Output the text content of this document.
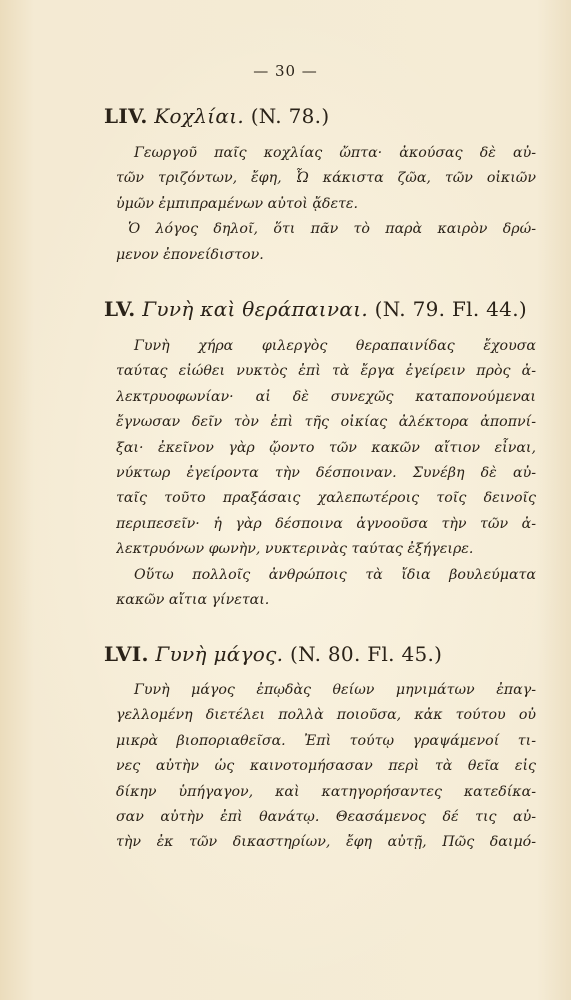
— 30 —
LIV. Κοχλίαι. (N. 78.)
Γεωργοῦ παῖς κοχλίας ὤπτα· ἀκούσας δὲ αὐ-
τῶν τριζόντων, ἔφη, Ὦ κάκιστα ζῶα, τῶν οἰκιῶν
ὑμῶν ἐμπιπραμένων αὐτοὶ ᾄδετε.
Ὁ λόγος δηλοῖ, ὅτι πᾶν τὸ παρὰ καιρὸν δρώ-
μενον ἐπονείδιστον.
LV. Γυνὴ καὶ θεράπαιναι. (N. 79. Fl. 44.)
Γυνὴ χήρα φιλεργὸς θεραπαινίδας ἔχουσα
ταύτας εἰώθει νυκτὸς ἐπὶ τὰ ἔργα ἐγείρειν πρὸς ἀ-
λεκτρυοφωνίαν· αἱ δὲ συνεχῶς καταπονούμεναι
ἔγνωσαν δεῖν τὸν ἐπὶ τῆς οἰκίας ἀλέκτορα ἀποπνί-
ξαι· ἐκεῖνον γὰρ ᾤοντο τῶν κακῶν αἴτιον εἶναι,
νύκτωρ ἐγείροντα τὴν δέσποιναν. Συνέβη δὲ αὐ-
ταῖς τοῦτο πραξάσαις χαλεπωτέροις τοῖς δεινοῖς
περιπεσεῖν· ἡ γὰρ δέσποινα ἀγνοοῦσα τὴν τῶν ἀ-
λεκτρυόνων φωνὴν, νυκτερινὰς ταύτας ἐξήγειρε.
Οὕτω πολλοῖς ἀνθρώποις τὰ ἴδια βουλεύματα
κακῶν αἴτια γίνεται.
LVI. Γυνὴ μάγος. (N. 80. Fl. 45.)
Γυνὴ μάγος ἐπῳδὰς θείων μηνιμάτων ἐπαγ-
γελλομένη διετέλει πολλὰ ποιοῦσα, κἀκ τούτου οὐ
μικρὰ βιοποριαθεῖσα. Ἐπὶ τούτῳ γραψάμενοί τι-
νες αὐτὴν ὡς καινοτομήσασαν περὶ τὰ θεῖα εἰς
δίκην ὑπήγαγον, καὶ κατηγορήσαντες κατεδίκα-
σαν αὐτὴν ἐπὶ θανάτῳ. Θεασάμενος δέ τις αὐ-
τὴν ἐκ τῶν δικαστηρίων, ἔφη αὐτῇ, Πῶς δαιμό-
